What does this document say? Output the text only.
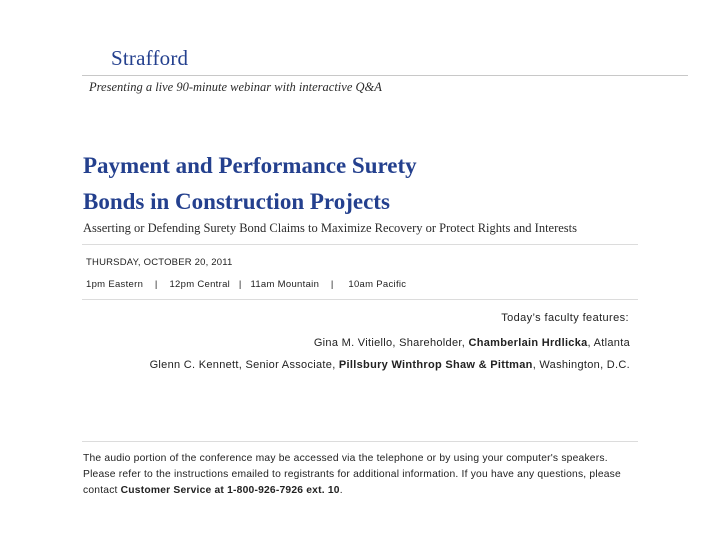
Strafford
Presenting a live 90-minute webinar with interactive Q&A
Payment and Performance Surety
Bonds in Construction Projects
Asserting or Defending Surety Bond Claims to Maximize Recovery or Protect Rights and Interests
THURSDAY, OCTOBER 20, 2011
1pm Eastern    |    12pm Central   |   11am Mountain    |     10am Pacific
Today’s faculty features:
Gina M. Vitiello, Shareholder, Chamberlain Hrdlicka, Atlanta
Glenn C. Kennett, Senior Associate, Pillsbury Winthrop Shaw & Pittman, Washington, D.C.
The audio portion of the conference may be accessed via the telephone or by using your computer's speakers. Please refer to the instructions emailed to registrants for additional information. If you have any questions, please contact Customer Service at 1-800-926-7926 ext. 10.
